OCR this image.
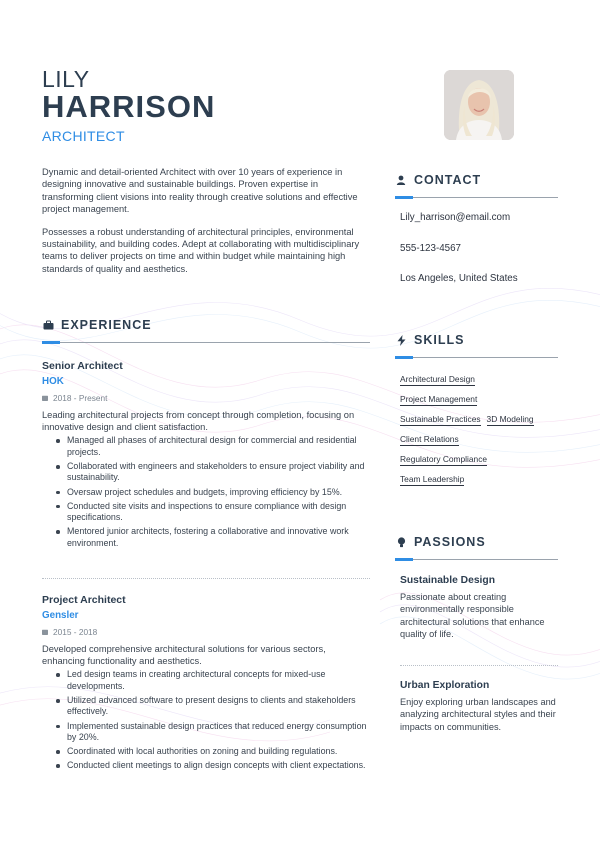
LILY
HARRISON
ARCHITECT

Dynamic and detail-oriented Architect with over 10 years of experience in designing innovative and sustainable buildings. Proven expertise in transforming client visions into reality through creative solutions and effective project management.

Possesses a robust understanding of architectural principles, environmental sustainability, and building codes. Adept at collaborating with multidisciplinary teams to deliver projects on time and within budget while maintaining high standards of quality and aesthetics.

EXPERIENCE
Senior Architect
HOK
2018 - Present
Leading architectural projects from concept through completion, focusing on innovative design and client satisfaction.
Managed all phases of architectural design for commercial and residential projects.
Collaborated with engineers and stakeholders to ensure project viability and sustainability.
Oversaw project schedules and budgets, improving efficiency by 15%.
Conducted site visits and inspections to ensure compliance with design specifications.
Mentored junior architects, fostering a collaborative and innovative work environment.
Project Architect
Gensler
2015 - 2018
Developed comprehensive architectural solutions for various sectors, enhancing functionality and aesthetics.
Led design teams in creating architectural concepts for mixed-use developments.
Utilized advanced software to present designs to clients and stakeholders effectively.
Implemented sustainable design practices that reduced energy consumption by 20%.
Coordinated with local authorities on zoning and building regulations.
Conducted client meetings to align design concepts with client expectations.
CONTACT
Lily_harrison@email.com
555-123-4567
Los Angeles, United States
SKILLS
Architectural Design
Project Management
Sustainable Practices 3D Modeling
Client Relations
Regulatory Compliance
Team Leadership
PASSIONS
Sustainable Design
Passionate about creating environmentally responsible architectural solutions that enhance quality of life.
Urban Exploration
Enjoy exploring urban landscapes and analyzing architectural styles and their impacts on communities.
